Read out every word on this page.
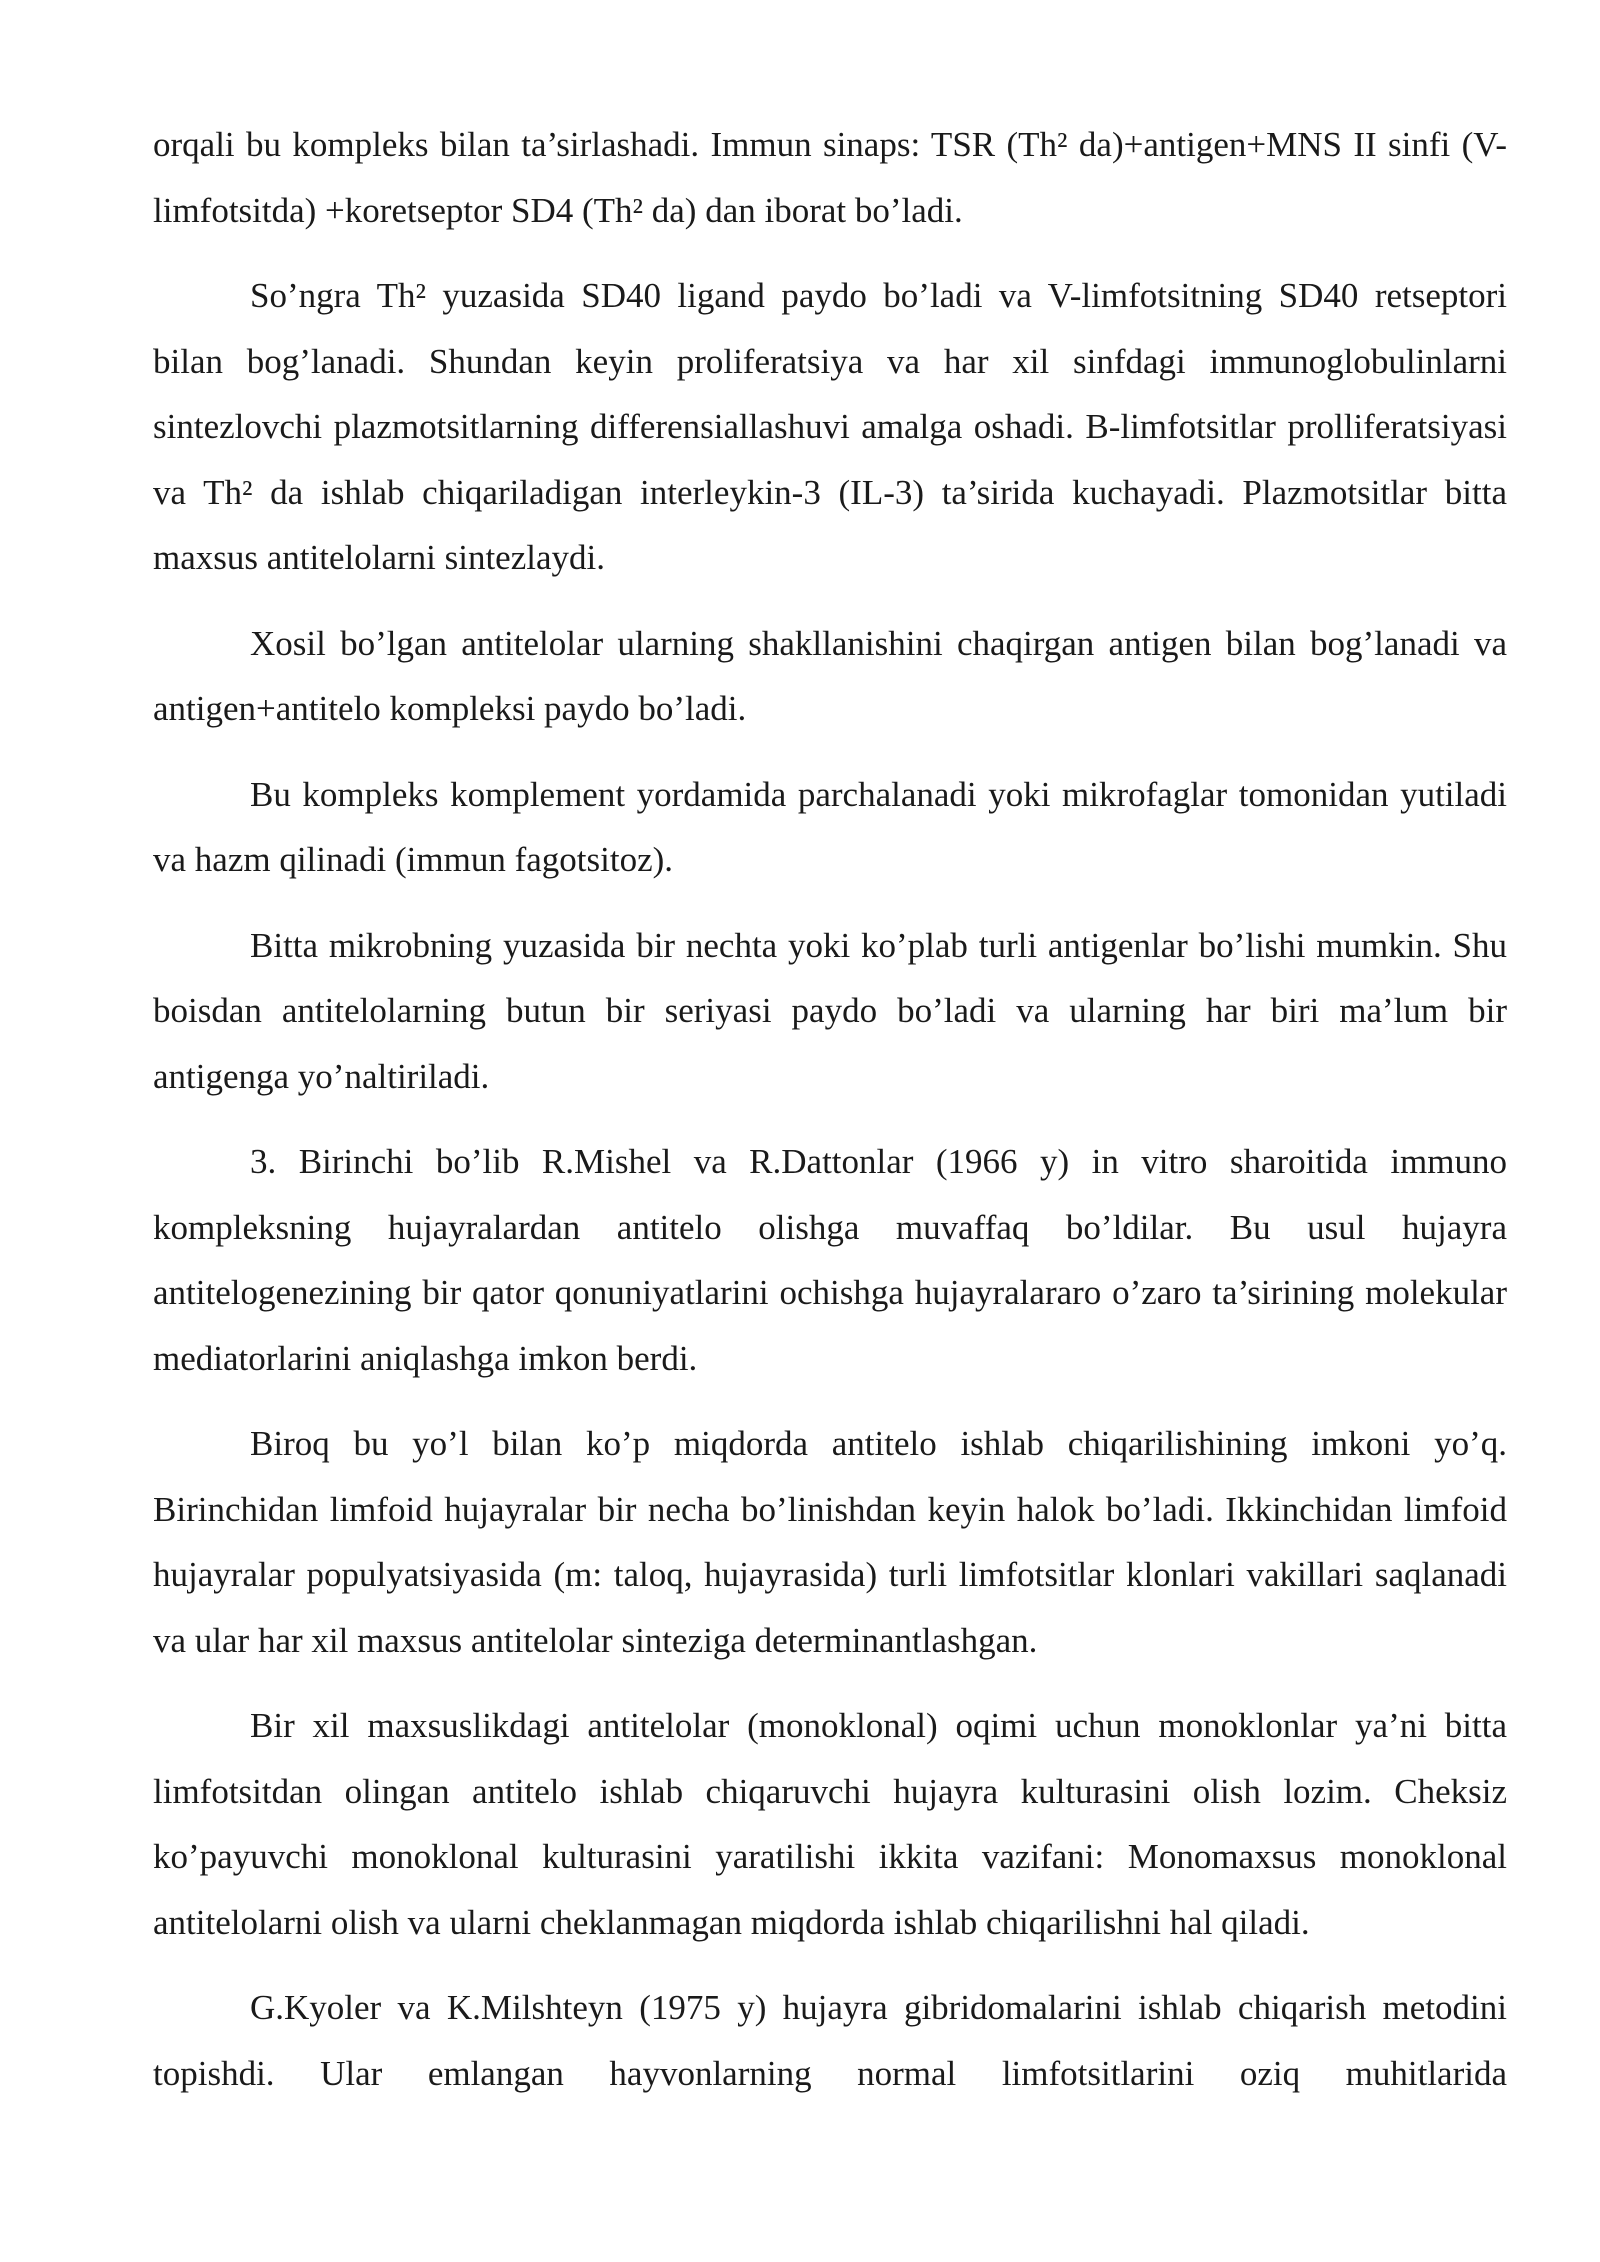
orqali bu kompleks bilan ta’sirlashadi. Immun sinaps: TSR (Th² da)+antigen+MNS II sinfi (V- limfotsitda) +koretseptor SD4 (Th² da) dan iborat bo’ladi.

So’ngra Th² yuzasida SD40 ligand paydo bo’ladi va V-limfotsitning SD40 retseptori bilan bog’lanadi. Shundan keyin proliferatsiya va har xil sinfdagi immunoglobulinlarni sintezlovchi plazmotsitlarning differensiallashuvi amalga oshadi. B-limfotsitlar prolliferatsiyasi va Th² da ishlab chiqariladigan interleykin-3 (IL-3) ta’sirida kuchayadi. Plazmotsitlar bitta maxsus antitelolarni sintezlaydi.

Xosil bo’lgan antitelolar ularning shakllanishini chaqirgan antigen bilan bog’lanadi va antigen+antitelo kompleksi paydo bo’ladi.

Bu kompleks komplement yordamida parchalanadi yoki mikrofaglar tomonidan yutiladi va hazm qilinadi (immun fagotsitoz).

Bitta mikrobning yuzasida bir nechta yoki ko’plab turli antigenlar bo’lishi mumkin. Shu boisdan antitelolarning butun bir seriyasi paydo bo’ladi va ularning har biri ma’lum bir antigenga yo’naltiriladi.

3. Birinchi bo’lib R.Mishel va R.Dattonlar (1966 y) in vitro sharoitida immuno kompleksning hujayralardan antitelo olishga muvaffaq bo’ldilar. Bu usul hujayra antitelogenezining bir qator qonuniyatlarini ochishga hujayralararo o’zaro ta’sirining molekular mediatorlarini aniqlashga imkon berdi.

Biroq bu yo’l bilan ko’p miqdorda antitelo ishlab chiqarilishining imkoni yo’q. Birinchidan limfoid hujayralar bir necha bo’linishdan keyin halok bo’ladi. Ikkinchidan limfoid hujayralar populyatsiyasida (m: taloq, hujayrasida) turli limfotsitlar klonlari vakillari saqlanadi va ular har xil maxsus antitelolar sinteziga determinantlashgan.

Bir xil maxsuslikdagi antitelolar (monoklonal) oqimi uchun monoklonlar ya’ni bitta limfotsitdan olingan antitelo ishlab chiqaruvchi hujayra kulturasini olish lozim. Cheksiz ko’payuvchi monoklonal kulturasini yaratilishi ikkita vazifani: Monomaxsus monoklonal antitelolarni olish va ularni cheklanmagan miqdorda ishlab chiqarilishni hal qiladi.

G.Kyoler va K.Milshteyn (1975 y) hujayra gibridomalarini ishlab chiqarish metodini topishdi. Ular emlangan hayvonlarning normal limfotsitlarini oziq muhitlarida
